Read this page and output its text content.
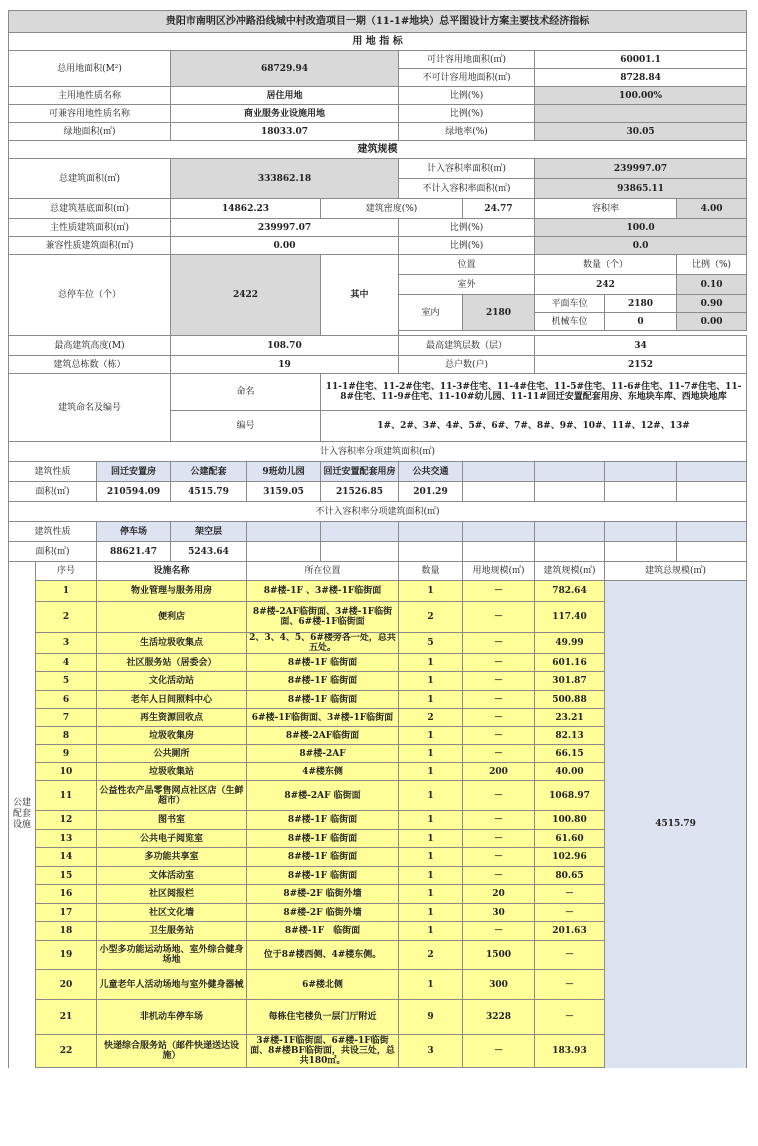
贵阳市南明区沙冲路沿线城中村改造项目一期（11-1#地块）总平图设计方案主要技术经济指标										
用 地 指 标										
总用地面积(M²)			68729.94			可计容用地面积(㎡)		60001.1		
						不可计容用地面积(㎡)		8728.84		
主用地性质名称			居住用地			比例(%)		100.00%		
可兼容用地性质名称			商业服务业设施用地			比例(%)				
绿地面积(㎡)			18033.07			绿地率(%)		30.05		
建筑规模										
总建筑面积(㎡)			333862.18			计入容积率面积(㎡)		239997.07		
						不计入容积率面积(㎡)		93865.11		
总建筑基底面积(㎡)			14862.23		建筑密度(%)		24.77	容积率		4.00
主性质建筑面积(㎡)			239997.07			比例(%)		100.0		
兼容性质建筑面积(㎡)			0.00			比例(%)		0.0		
总停车位（个）			2422		其中	位置		数量（个）		比例（%)
						室外		242		0.10
						室内	2180	平面车位	2180	0.90
								机械车位	0	0.00

最高建筑高度(M)			108.70			最高建筑层数（层）		34		
建筑总栋数（栋）			19			总户数(户)		2152		
建筑命名及编号			命名		11-1#住宅、11-2#住宅、11-3#住宅、11-4#住宅、11-5#住宅、11-6#住宅、11-7#住宅、11-8#住宅、11-9#住宅、11-10#幼儿园、11-11#回迁安置配套用房、东地块车库、西地块地库					
			编号		1#、2#、3#、4#、5#、6#、7#、8#、9#、10#、11#、12#、13#					
计入容积率分项建筑面积(㎡)										
建筑性质		回迁安置房	公建配套	9班幼儿园	回迁安置配套用房	公共交通				
面积(㎡)		210594.09	4515.79	3159.05	21526.85	201.29				
不计入容积率分项建筑面积(㎡)										
建筑性质		停车场	架空层							
面积(㎡)		88621.47	5243.64							
公建配套设施	序号	设施名称		所在位置		数量	用地规模(㎡)	建筑规模(㎡)	建筑总规模(㎡)	
	1	物业管理与服务用房		8#楼-1F 、3#楼-1F临街面		1	－	782.64	4515.79	
	2	便利店		8#楼-2AF临街面、3#楼-1F临街面、6#楼-1F临街面		2	－	117.40		
	3	生活垃圾收集点		2、3、4、5、6#楼旁各一处，总共五处。		5	－	49.99		
	4	社区服务站（居委会）		8#楼-1F 临街面		1	－	601.16		
	5	文化活动站		8#楼-1F 临街面		1	－	301.87		
	6	老年人日间照料中心		8#楼-1F 临街面		1	－	500.88		
	7	再生资源回收点		6#楼-1F临街面、3#楼-1F临街面		2	－	23.21		
	8	垃圾收集房		8#楼-2AF临街面		1	－	82.13		
	9	公共厕所		8#楼-2AF		1	－	66.15		
	10	垃圾收集站		4#楼东侧		1	200	40.00		
	11	公益性农产品零售网点社区店（生鲜超市）		8#楼-2AF 临街面		1	－	1068.97		
	12	图书室		8#楼-1F 临街面		1	－	100.80		
	13	公共电子阅览室		8#楼-1F 临街面		1	－	61.60		
	14	多功能共享室		8#楼-1F 临街面		1	－	102.96		
	15	文体活动室		8#楼-1F 临街面		1	－	80.65		
	16	社区阅报栏		8#楼-2F 临街外墙		1	20	－		
	17	社区文化墙		8#楼-2F 临街外墙		1	30	－		
	18	卫生服务站		8#楼-1F　临街面		1	－	201.63		
	19	小型多功能运动场地、室外综合健身场地		位于8#楼西侧、4#楼东侧。		2	1500	－		
	20	儿童老年人活动场地与室外健身器械		6#楼北侧		1	300	－		
	21	非机动车停车场		每栋住宅楼负一层门厅附近		9	3228	－		
	22	快递综合服务站（邮件快递送达设施）		3#楼-1F临街面、6#楼-1F临街面、8#楼BF临街面，共设三处，总共180㎡。		3	－	183.93		
